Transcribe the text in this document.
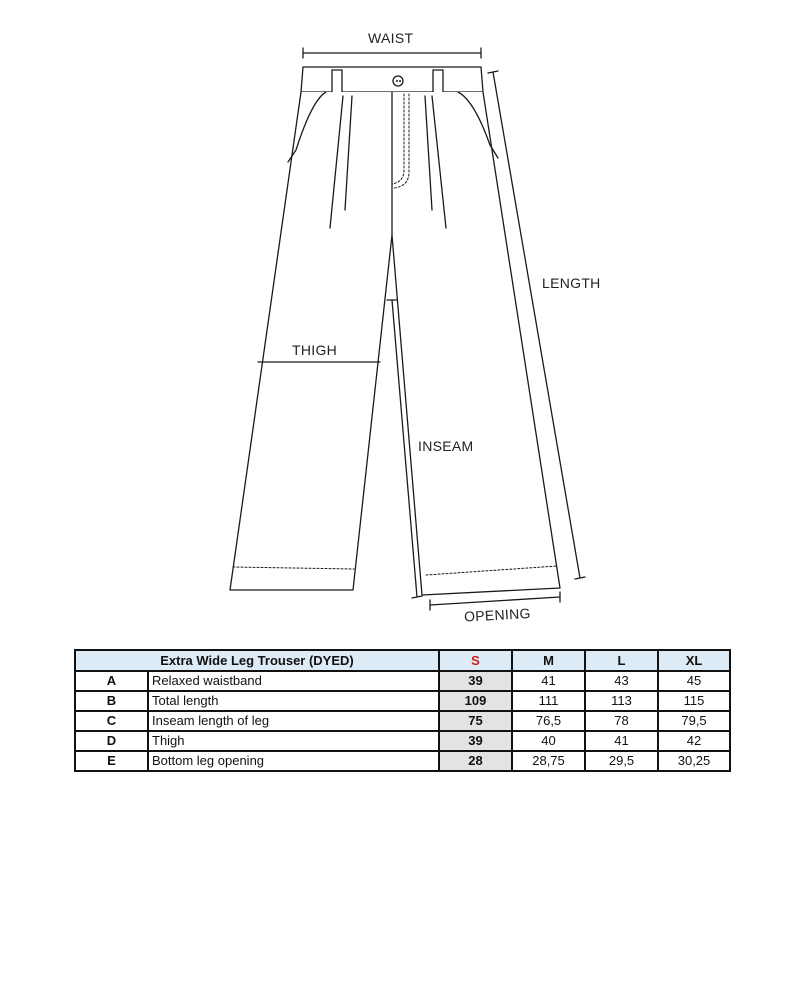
WAIST
LENGTH
THIGH
INSEAM
OPENING
Extra Wide Leg Trouser (DYED)		S	M	L	XL
A	Relaxed waistband	39	41	43	45
B	Total length	109	111	113	115
C	Inseam length of leg	75	76,5	78	79,5
D	Thigh	39	40	41	42
E	Bottom leg opening	28	28,75	29,5	30,25
